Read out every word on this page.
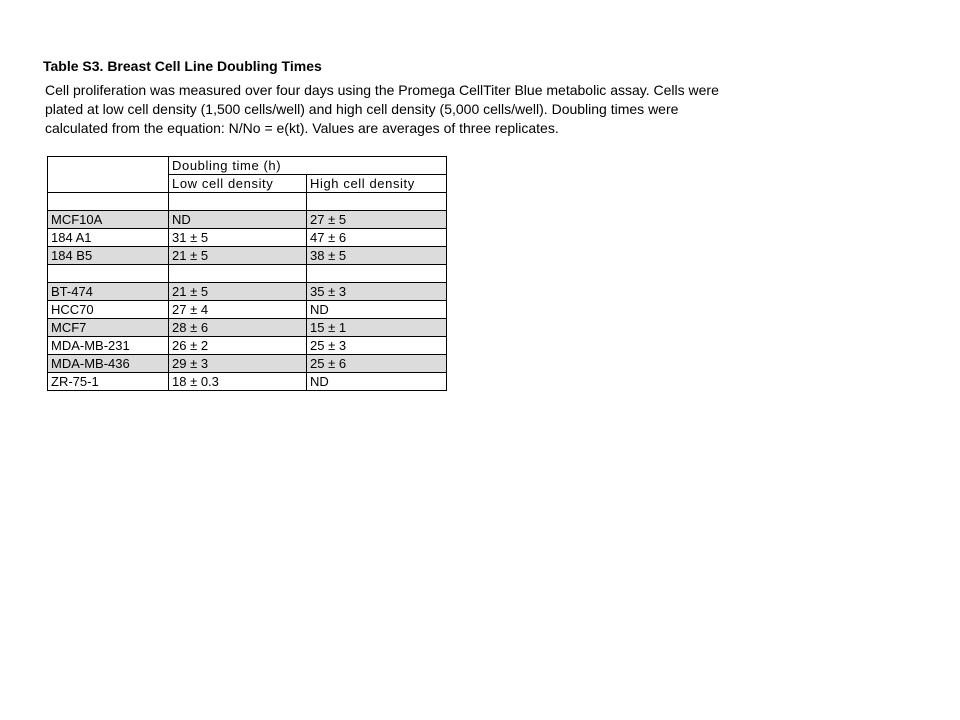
Table S3. Breast Cell Line Doubling Times
Cell proliferation was measured over four days using the Promega CellTiter Blue metabolic assay. Cells were
plated at low cell density (1,500 cells/well) and high cell density (5,000 cells/well). Doubling times were
calculated from the equation: N/No = e(kt). Values are averages of three replicates.
	Doubling time (h)	
	Low cell density	High cell density

MCF10A	ND	27 ± 5
184 A1	31 ± 5	47 ± 6
184 B5	21 ± 5	38 ± 5

BT-474	21 ± 5	35 ± 3
HCC70	27 ± 4	ND
MCF7	28 ± 6	15 ± 1
MDA-MB-231	26 ± 2	25 ± 3
MDA-MB-436	29 ± 3	25 ± 6
ZR-75-1	18 ± 0.3	ND
